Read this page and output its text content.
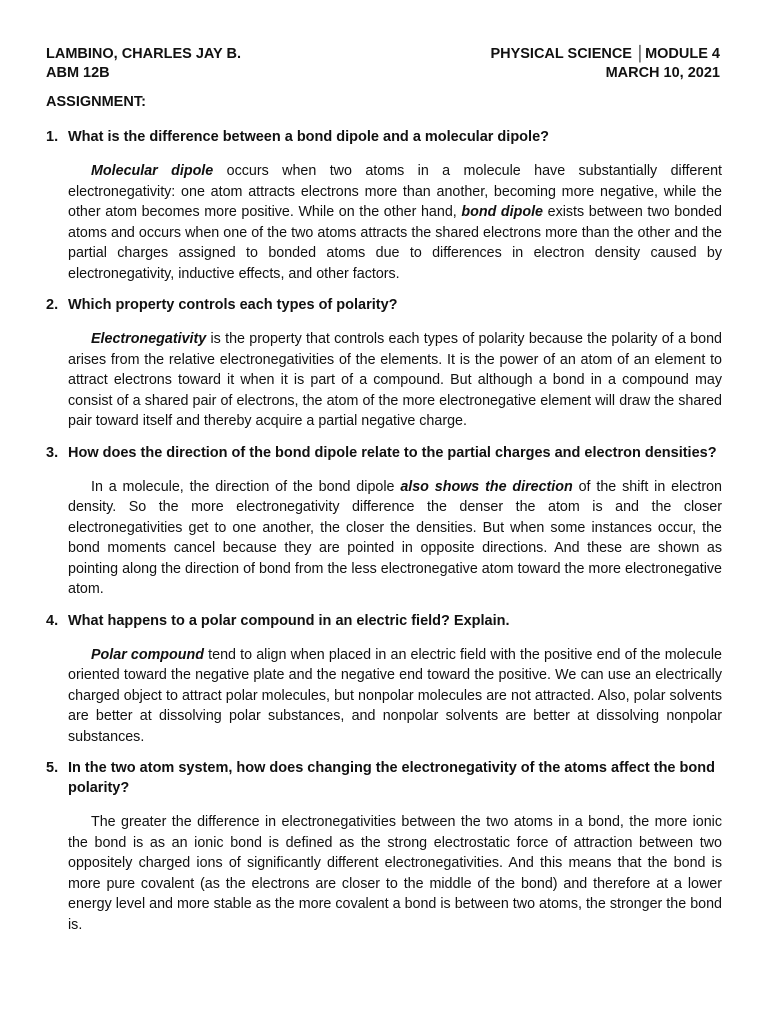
LAMBINO, CHARLES JAY B.
ABM 12B
PHYSICAL SCIENCE │MODULE 4
MARCH 10, 2021
ASSIGNMENT:

1. What is the difference between a bond dipole and a molecular dipole?

Molecular dipole occurs when two atoms in a molecule have substantially different electronegativity: one atom attracts electrons more than another, becoming more negative, while the other atom becomes more positive. While on the other hand, bond dipole exists between two bonded atoms and occurs when one of the two atoms attracts the shared electrons more than the other and the partial charges assigned to bonded atoms due to differences in electron density caused by electronegativity, inductive effects, and other factors.

2. Which property controls each types of polarity?

Electronegativity is the property that controls each types of polarity because the polarity of a bond arises from the relative electronegativities of the elements. It is the power of an atom of an element to attract electrons toward it when it is part of a compound. But although a bond in a compound may consist of a shared pair of electrons, the atom of the more electronegative element will draw the shared pair toward itself and thereby acquire a partial negative charge.

3. How does the direction of the bond dipole relate to the partial charges and electron densities?

In a molecule, the direction of the bond dipole also shows the direction of the shift in electron density. So the more electronegativity difference the denser the atom is and the closer electronegativities get to one another, the closer the densities. But when some instances occur, the bond moments cancel because they are pointed in opposite directions. And these are shown as pointing along the direction of bond from the less electronegative atom toward the more electronegative atom.

4. What happens to a polar compound in an electric field? Explain.

Polar compound tend to align when placed in an electric field with the positive end of the molecule oriented toward the negative plate and the negative end toward the positive. We can use an electrically charged object to attract polar molecules, but nonpolar molecules are not attracted. Also, polar solvents are better at dissolving polar substances, and nonpolar solvents are better at dissolving nonpolar substances.

5. In the two atom system, how does changing the electronegativity of the atoms affect the bond polarity?

The greater the difference in electronegativities between the two atoms in a bond, the more ionic the bond is as an ionic bond is defined as the strong electrostatic force of attraction between two oppositely charged ions of significantly different electronegativities. And this means that the bond is more pure covalent (as the electrons are closer to the middle of the bond) and therefore at a lower energy level and more stable as the more covalent a bond is between two atoms, the stronger the bond is.
